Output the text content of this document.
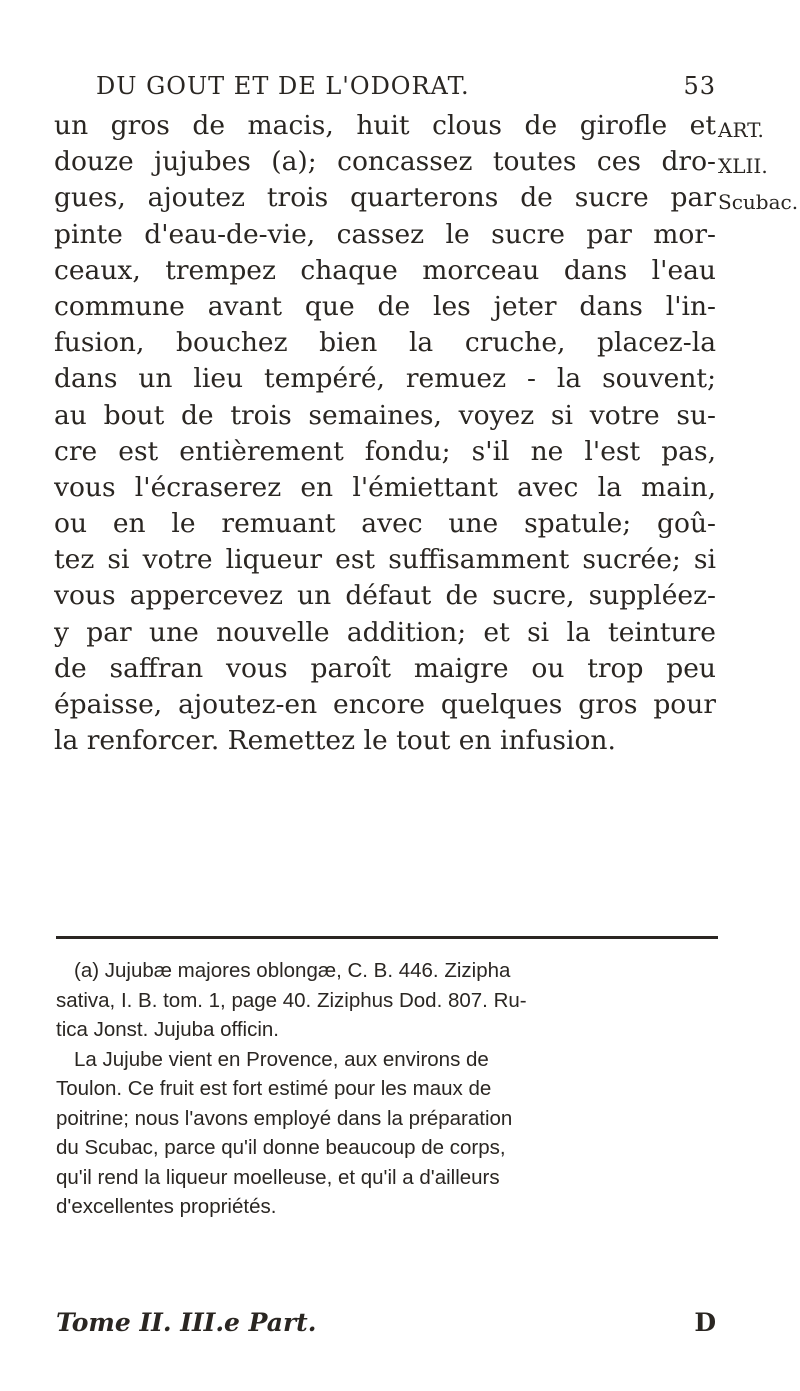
DU GOUT ET DE L'ODORAT.	53
ART.
XLII.
Scubac.
un gros de macis, huit clous de girofle et
douze jujubes (a); concassez toutes ces dro-
gues, ajoutez trois quarterons de sucre par
pinte d'eau-de-vie, cassez le sucre par mor-
ceaux, trempez chaque morceau dans l'eau
commune avant que de les jeter dans l'in-
fusion, bouchez bien la cruche, placez-la
dans un lieu tempéré, remuez - la souvent;
au bout de trois semaines, voyez si votre su-
cre est entièrement fondu; s'il ne l'est pas,
vous l'écraserez en l'émiettant avec la main,
ou en le remuant avec une spatule; goû-
tez si votre liqueur est suffisamment sucrée; si
vous appercevez un défaut de sucre, suppléez-
y par une nouvelle addition; et si la teinture
de saffran vous paroît maigre ou trop peu
épaisse, ajoutez-en encore quelques gros pour
la renforcer. Remettez le tout en infusion.
(a) Jujubæ majores oblongæ, C. B. 446. Zizipha
sativa, I. B. tom. 1, page 40. Ziziphus Dod. 807. Ru-
tica Jonst. Jujuba officin.
La Jujube vient en Provence, aux environs de
Toulon. Ce fruit est fort estimé pour les maux de
poitrine; nous l'avons employé dans la préparation
du Scubac, parce qu'il donne beaucoup de corps,
qu'il rend la liqueur moelleuse, et qu'il a d'ailleurs
d'excellentes propriétés.
Tome II. III.e Part.	D
